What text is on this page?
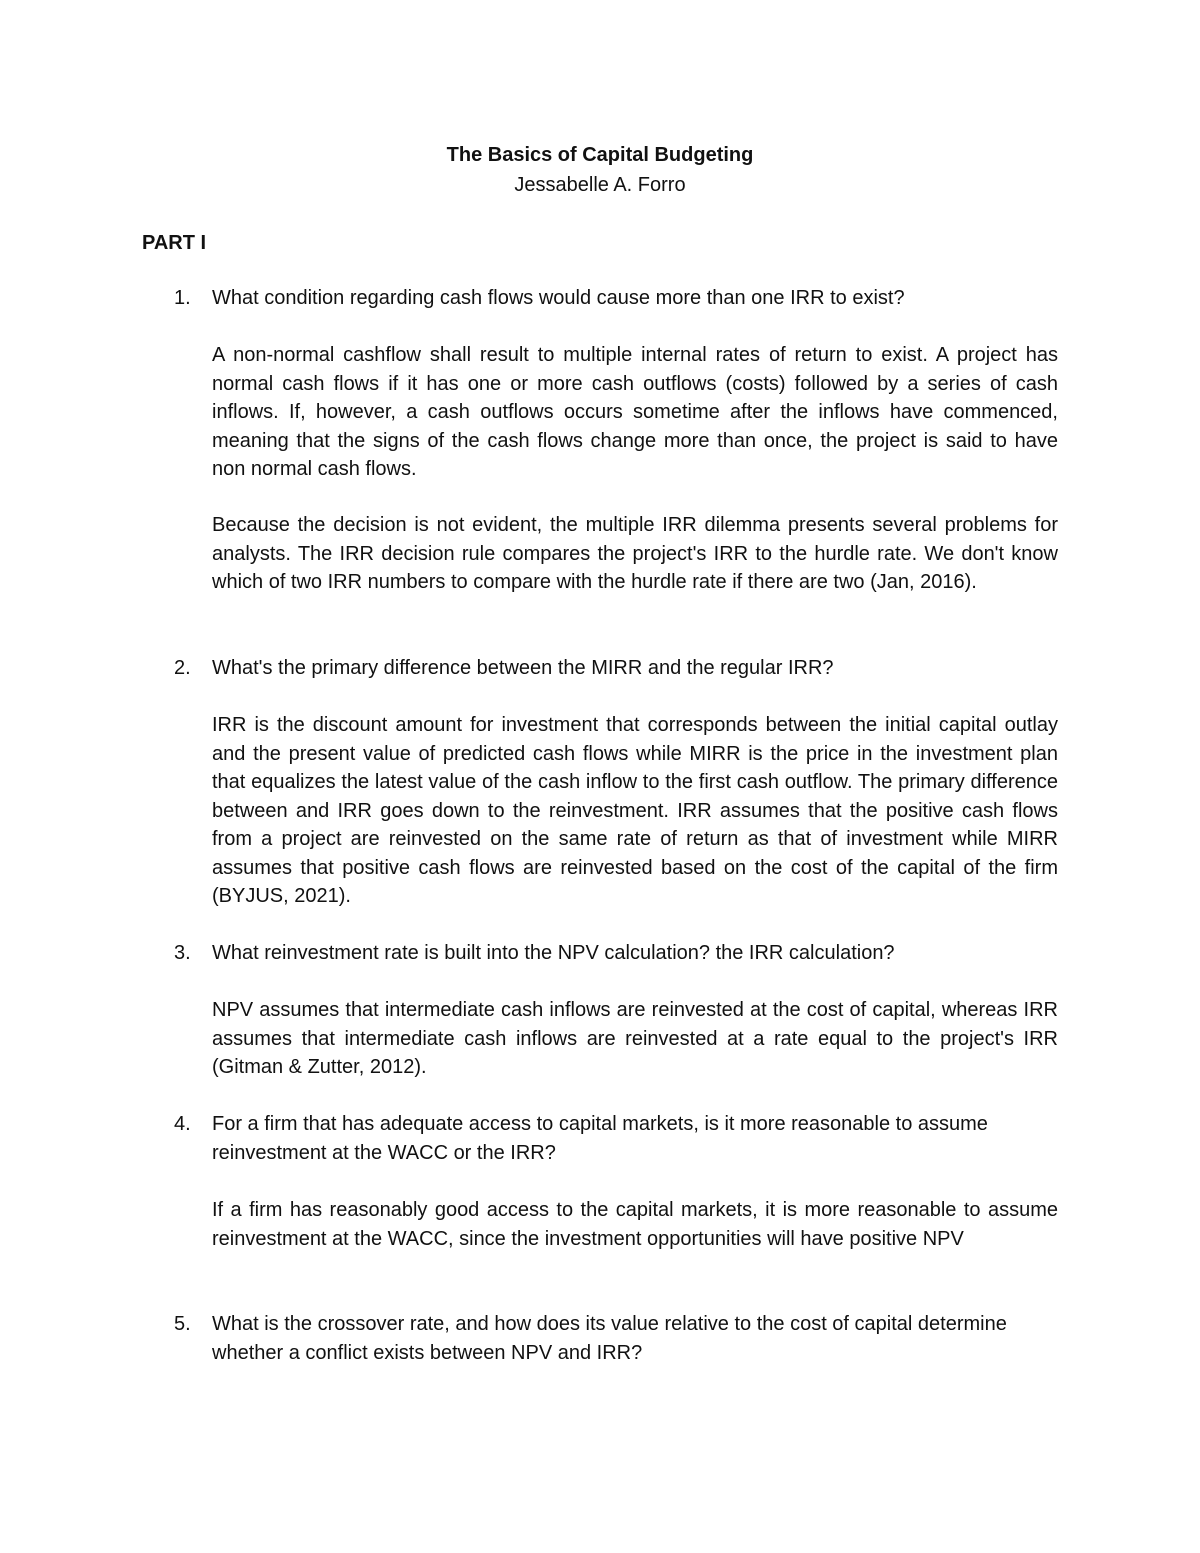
The Basics of Capital Budgeting
Jessabelle A. Forro
PART I
1. What condition regarding cash flows would cause more than one IRR to exist?
A non-normal cashflow shall result to multiple internal rates of return to exist. A project has normal cash flows if it has one or more cash outflows (costs) followed by a series of cash inflows. If, however, a cash outflows occurs sometime after the inflows have commenced, meaning that the signs of the cash flows change more than once, the project is said to have non normal cash flows.
Because the decision is not evident, the multiple IRR dilemma presents several problems for analysts. The IRR decision rule compares the project's IRR to the hurdle rate. We don't know which of two IRR numbers to compare with the hurdle rate if there are two (Jan, 2016).
2. What's the primary difference between the MIRR and the regular IRR?
IRR is the discount amount for investment that corresponds between the initial capital outlay and the present value of predicted cash flows while MIRR is the price in the investment plan that equalizes the latest value of the cash inflow to the first cash outflow. The primary difference between and IRR goes down to the reinvestment. IRR assumes that the positive cash flows from a project are reinvested on the same rate of return as that of investment while MIRR assumes that positive cash flows are reinvested based on the cost of the capital of the firm (BYJUS, 2021).
3. What reinvestment rate is built into the NPV calculation? the IRR calculation?
NPV assumes that intermediate cash inflows are reinvested at the cost of capital, whereas IRR assumes that intermediate cash inflows are reinvested at a rate equal to the project's IRR (Gitman & Zutter, 2012).
4. For a firm that has adequate access to capital markets, is it more reasonable to assume reinvestment at the WACC or the IRR?
If a firm has reasonably good access to the capital markets, it is more reasonable to assume reinvestment at the WACC, since the investment opportunities will have positive NPV
5. What is the crossover rate, and how does its value relative to the cost of capital determine whether a conflict exists between NPV and IRR?
